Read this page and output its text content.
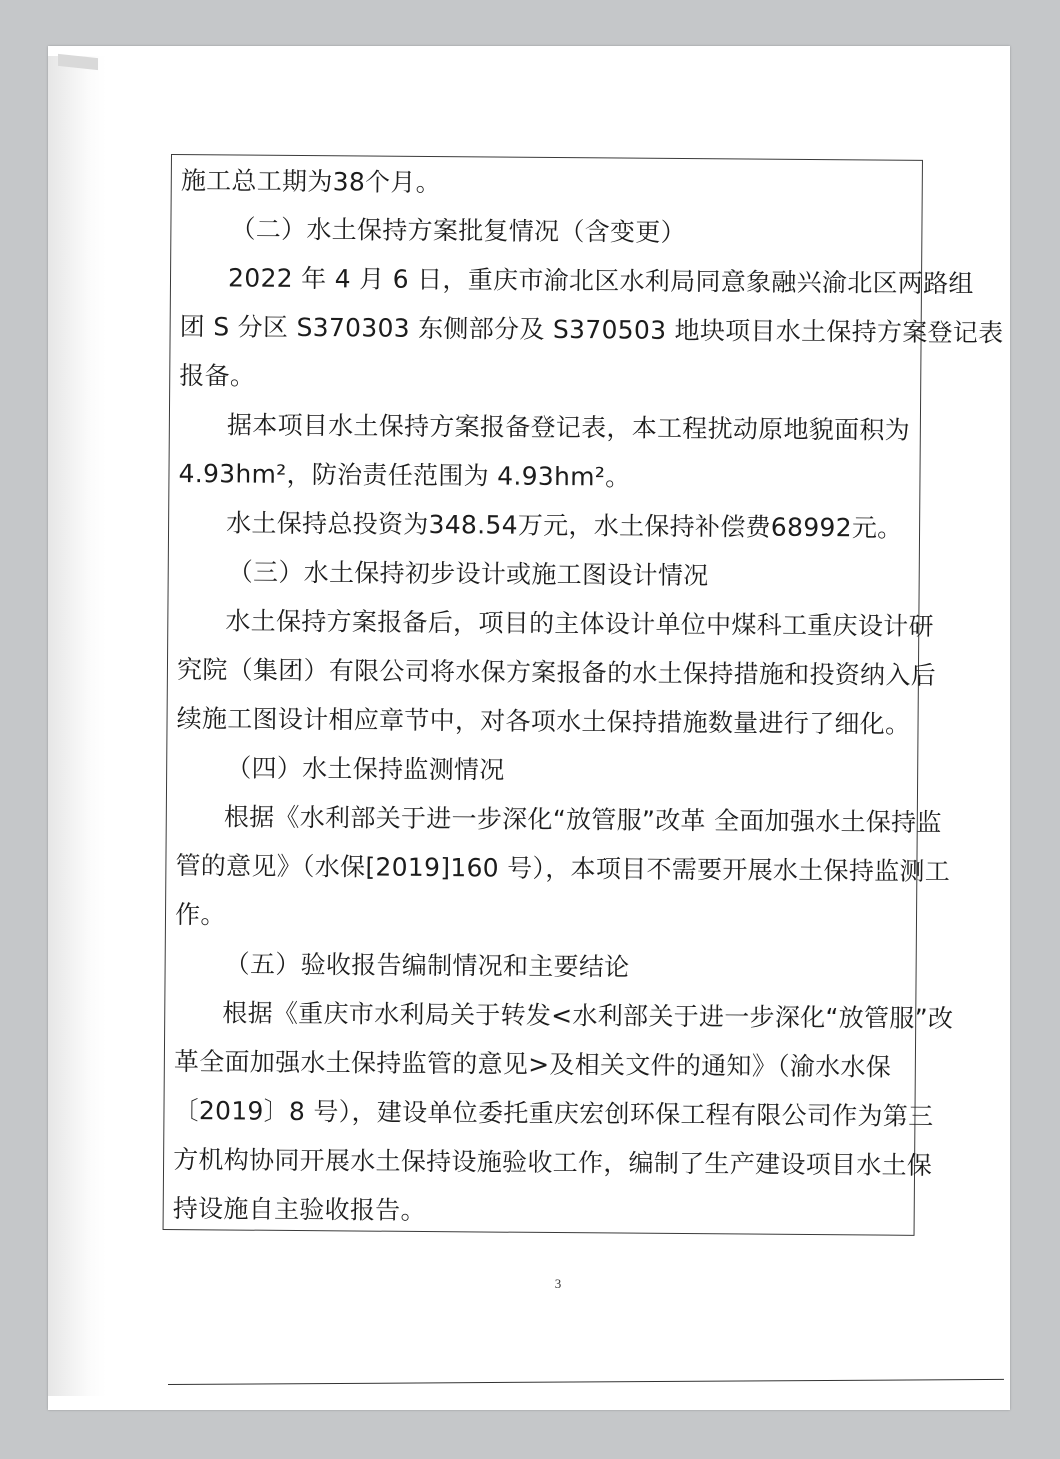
施工总工期为38个月。
（二）水土保持方案批复情况（含变更）
2022 年 4 月 6 日，重庆市渝北区水利局同意象融兴渝北区两路组
团 S 分区 S370303 东侧部分及 S370503 地块项目水土保持方案登记表
报备。
据本项目水土保持方案报备登记表，本工程扰动原地貌面积为
4.93hm²，防治责任范围为 4.93hm²。
水土保持总投资为348.54万元，水土保持补偿费68992元。
（三）水土保持初步设计或施工图设计情况
水土保持方案报备后，项目的主体设计单位中煤科工重庆设计研
究院（集团）有限公司将水保方案报备的水土保持措施和投资纳入后
续施工图设计相应章节中，对各项水土保持措施数量进行了细化。
（四）水土保持监测情况
根据《水利部关于进一步深化“放管服”改革 全面加强水土保持监
管的意见》（水保[2019]160 号），本项目不需要开展水土保持监测工
作。
（五）验收报告编制情况和主要结论
根据《重庆市水利局关于转发<水利部关于进一步深化“放管服”改
革全面加强水土保持监管的意见>及相关文件的通知》（渝水水保
〔2019〕8 号），建设单位委托重庆宏创环保工程有限公司作为第三
方机构协同开展水土保持设施验收工作，编制了生产建设项目水土保
持设施自主验收报告。
3
